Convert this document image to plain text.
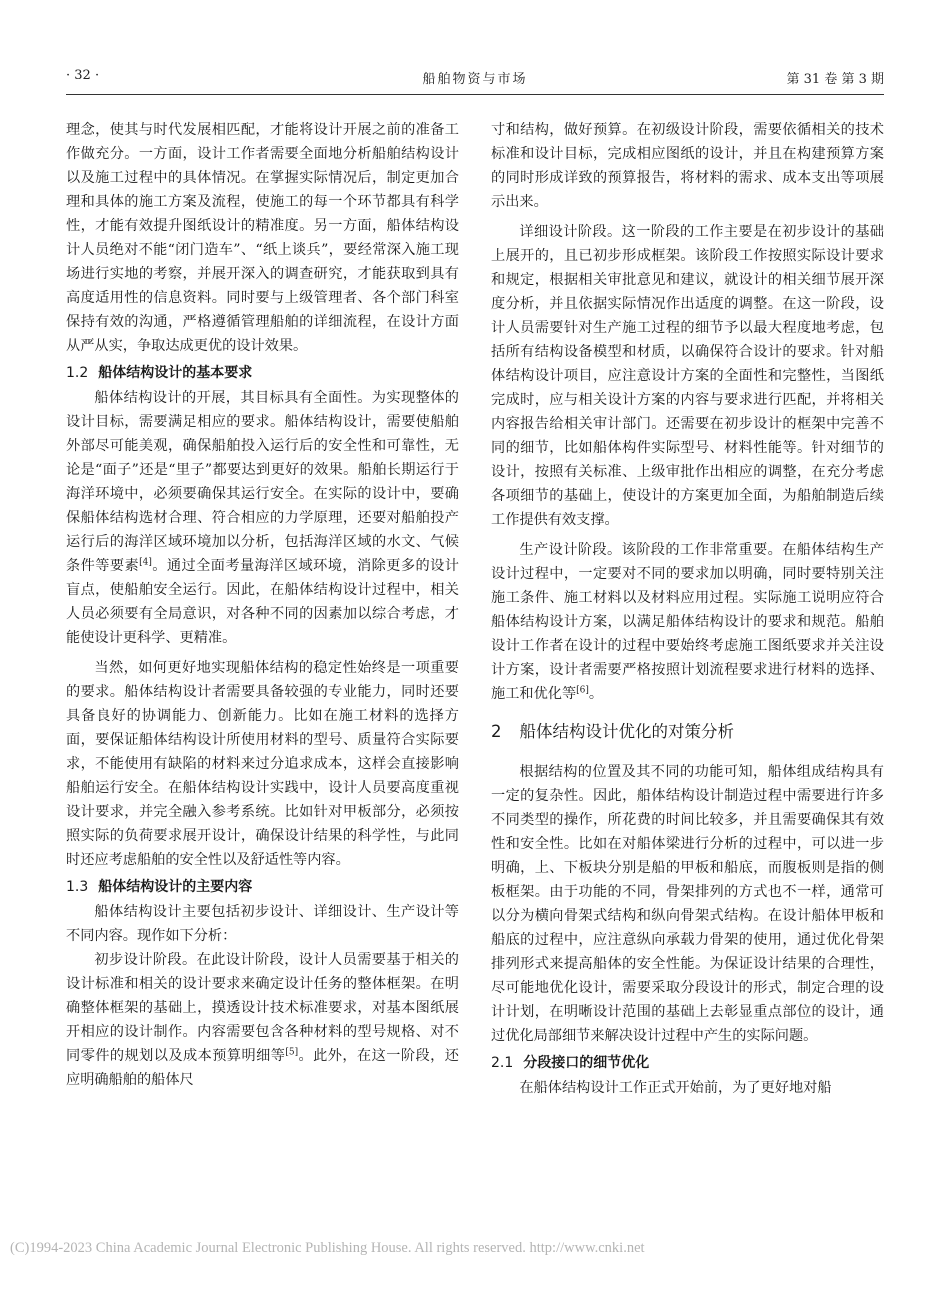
· 32 ·	船舶物资与市场	第 31 卷 第 3 期

理念，使其与时代发展相匹配，才能将设计开展之前的准备工作做充分。一方面，设计工作者需要全面地分析船舶结构设计以及施工过程中的具体情况。在掌握实际情况后，制定更加合理和具体的施工方案及流程，使施工的每一个环节都具有科学性，才能有效提升图纸设计的精准度。另一方面，船体结构设计人员绝对不能“闭门造车”、“纸上谈兵”，要经常深入施工现场进行实地的考察，并展开深入的调查研究，才能获取到具有高度适用性的信息资料。同时要与上级管理者、各个部门科室保持有效的沟通，严格遵循管理船舶的详细流程，在设计方面从严从实，争取达成更优的设计效果。

1.2 船体结构设计的基本要求

船体结构设计的开展，其目标具有全面性。为实现整体的设计目标，需要满足相应的要求。船体结构设计，需要使船舶外部尽可能美观，确保船舶投入运行后的安全性和可靠性，无论是“面子”还是“里子”都要达到更好的效果。船舶长期运行于海洋环境中，必须要确保其运行安全。在实际的设计中，要确保船体结构选材合理、符合相应的力学原理，还要对船舶投产运行后的海洋区域环境加以分析，包括海洋区域的水文、气候条件等要素[4]。通过全面考量海洋区域环境，消除更多的设计盲点，使船舶安全运行。因此，在船体结构设计过程中，相关人员必须要有全局意识，对各种不同的因素加以综合考虑，才能使设计更科学、更精准。

当然，如何更好地实现船体结构的稳定性始终是一项重要的要求。船体结构设计者需要具备较强的专业能力，同时还要具备良好的协调能力、创新能力。比如在施工材料的选择方面，要保证船体结构设计所使用材料的型号、质量符合实际要求，不能使用有缺陷的材料来过分追求成本，这样会直接影响船舶运行安全。在船体结构设计实践中，设计人员要高度重视设计要求，并完全融入参考系统。比如针对甲板部分，必须按照实际的负荷要求展开设计，确保设计结果的科学性，与此同时还应考虑船舶的安全性以及舒适性等内容。

1.3 船体结构设计的主要内容

船体结构设计主要包括初步设计、详细设计、生产设计等不同内容。现作如下分析：

初步设计阶段。在此设计阶段，设计人员需要基于相关的设计标准和相关的设计要求来确定设计任务的整体框架。在明确整体框架的基础上，摸透设计技术标准要求，对基本图纸展开相应的设计制作。内容需要包含各种材料的型号规格、对不同零件的规划以及成本预算明细等[5]。此外，在这一阶段，还应明确船舶的船体尺

寸和结构，做好预算。在初级设计阶段，需要依循相关的技术标准和设计目标，完成相应图纸的设计，并且在构建预算方案的同时形成详致的预算报告，将材料的需求、成本支出等项展示出来。

详细设计阶段。这一阶段的工作主要是在初步设计的基础上展开的，且已初步形成框架。该阶段工作按照实际设计要求和规定，根据相关审批意见和建议，就设计的相关细节展开深度分析，并且依据实际情况作出适度的调整。在这一阶段，设计人员需要针对生产施工过程的细节予以最大程度地考虑，包括所有结构设备模型和材质，以确保符合设计的要求。针对船体结构设计项目，应注意设计方案的全面性和完整性，当图纸完成时，应与相关设计方案的内容与要求进行匹配，并将相关内容报告给相关审计部门。还需要在初步设计的框架中完善不同的细节，比如船体构件实际型号、材料性能等。针对细节的设计，按照有关标准、上级审批作出相应的调整，在充分考虑各项细节的基础上，使设计的方案更加全面，为船舶制造后续工作提供有效支撑。

生产设计阶段。该阶段的工作非常重要。在船体结构生产设计过程中，一定要对不同的要求加以明确，同时要特别关注施工条件、施工材料以及材料应用过程。实际施工说明应符合船体结构设计方案，以满足船体结构设计的要求和规范。船舶设计工作者在设计的过程中要始终考虑施工图纸要求并关注设计方案，设计者需要严格按照计划流程要求进行材料的选择、施工和优化等[6]。

2 船体结构设计优化的对策分析

根据结构的位置及其不同的功能可知，船体组成结构具有一定的复杂性。因此，船体结构设计制造过程中需要进行许多不同类型的操作，所花费的时间比较多，并且需要确保其有效性和安全性。比如在对船体梁进行分析的过程中，可以进一步明确，上、下板块分别是船的甲板和船底，而腹板则是指的侧板框架。由于功能的不同，骨架排列的方式也不一样，通常可以分为横向骨架式结构和纵向骨架式结构。在设计船体甲板和船底的过程中，应注意纵向承载力骨架的使用，通过优化骨架排列形式来提高船体的安全性能。为保证设计结果的合理性，尽可能地优化设计，需要采取分段设计的形式，制定合理的设计计划，在明晰设计范围的基础上去彰显重点部位的设计，通过优化局部细节来解决设计过程中产生的实际问题。

2.1 分段接口的细节优化

在船体结构设计工作正式开始前，为了更好地对船

(C)1994-2023 China Academic Journal Electronic Publishing House. All rights reserved. http://www.cnki.net
